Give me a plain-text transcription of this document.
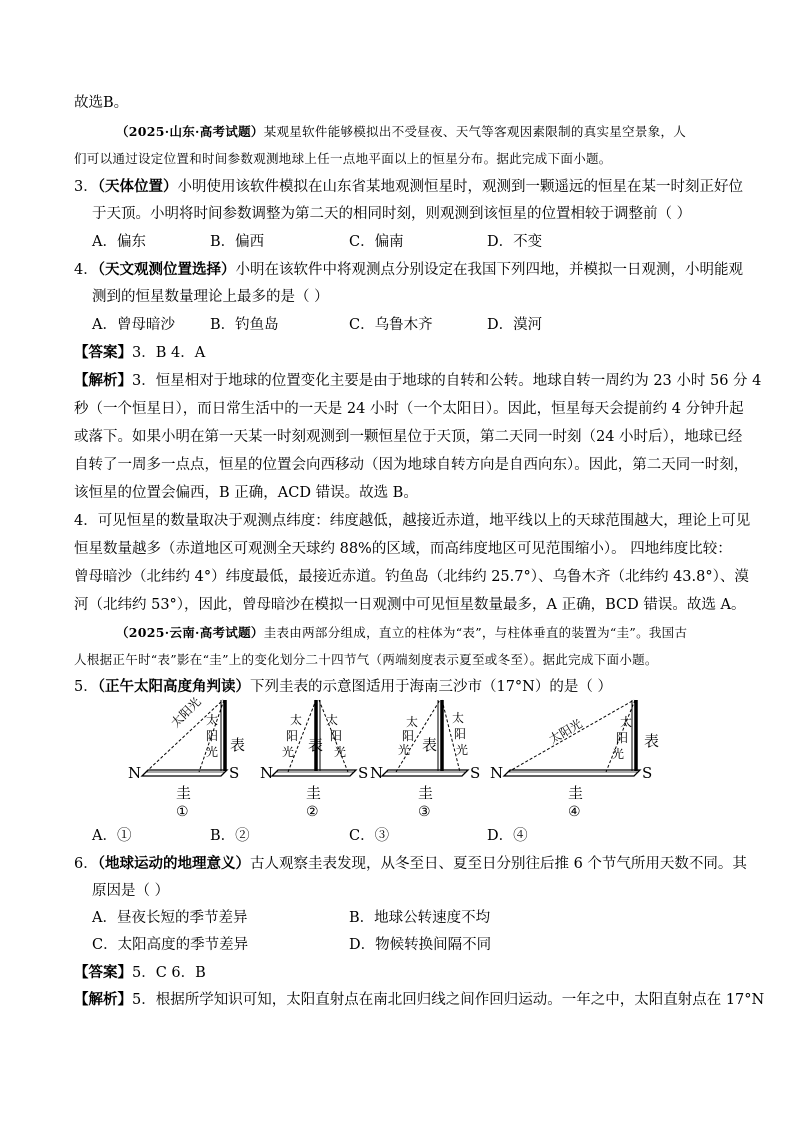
故选B。
（2025·山东·高考试题）某观星软件能够模拟出不受昼夜、天气等客观因素限制的真实星空景象，人
们可以通过设定位置和时间参数观测地球上任一点地平面以上的恒星分布。据此完成下面小题。
3．（天体位置）小明使用该软件模拟在山东省某地观测恒星时，观测到一颗遥远的恒星在某一时刻正好位
于天顶。小明将时间参数调整为第二天的相同时刻，则观测到该恒星的位置相较于调整前（ ）
A．偏东	B．偏西	C．偏南	D．不变
4．（天文观测位置选择）小明在该软件中将观测点分别设定在我国下列四地，并模拟一日观测，小明能观
测到的恒星数量理论上最多的是（ ）
A．曾母暗沙 B．钓鱼岛	C．乌鲁木齐	D．漠河
【答案】3．B 4．A
【解析】3．恒星相对于地球的位置变化主要是由于地球的自转和公转。地球自转一周约为 23 小时 56 分 4
秒（一个恒星日），而日常生活中的一天是 24 小时（一个太阳日）。因此，恒星每天会提前约 4 分钟升起
或落下。如果小明在第一天某一时刻观测到一颗恒星位于天顶，第二天同一时刻（24 小时后），地球已经
自转了一周多一点点，恒星的位置会向西移动（因为地球自转方向是自西向东）。因此，第二天同一时刻，
该恒星的位置会偏西，B 正确，ACD 错误。故选 B。
4．可见恒星的数量取决于观测点纬度：纬度越低，越接近赤道，地平线以上的天球范围越大，理论上可见
恒星数量越多（赤道地区可观测全天球约 88%的区域，而高纬度地区可见范围缩小）。 四地纬度比较：
曾母暗沙（北纬约 4°）纬度最低，最接近赤道。钓鱼岛（北纬约 25.7°）、乌鲁木齐（北纬约 43.8°）、漠
河（北纬约 53°），因此，曾母暗沙在模拟一日观测中可见恒星数量最多，A 正确，BCD 错误。故选 A。
（2025·云南·高考试题）圭表由两部分组成，直立的柱体为“表”，与柱体垂直的装置为“圭”。我国古
人根据正午时“表”影在“圭”上的变化划分二十四节气（两端刻度表示夏至或冬至）。据此完成下面小题。
5．（正午太阳高度角判读）下列圭表的示意图适用于海南三沙市（17°N）的是（ ）
太阳光
太
阳
光 表
N	S
圭
①
太
阳
光
太
阳
光
表
N	S
圭
②
太
阳
光
太
阳
光
表
N	S
圭
③
太阳光	太
阳
光
表
N	S
圭
④
A．①	B．②	C．③	D．④
6．（地球运动的地理意义）古人观察圭表发现，从冬至日、夏至日分别往后推 6 个节气所用天数不同。其
原因是（ ）
A．昼夜长短的季节差异	B．地球公转速度不均
C．太阳高度的季节差异	D．物候转换间隔不同
【答案】5．C 6．B
【解析】5．根据所学知识可知，太阳直射点在南北回归线之间作回归运动。一年之中，太阳直射点在 17°N
